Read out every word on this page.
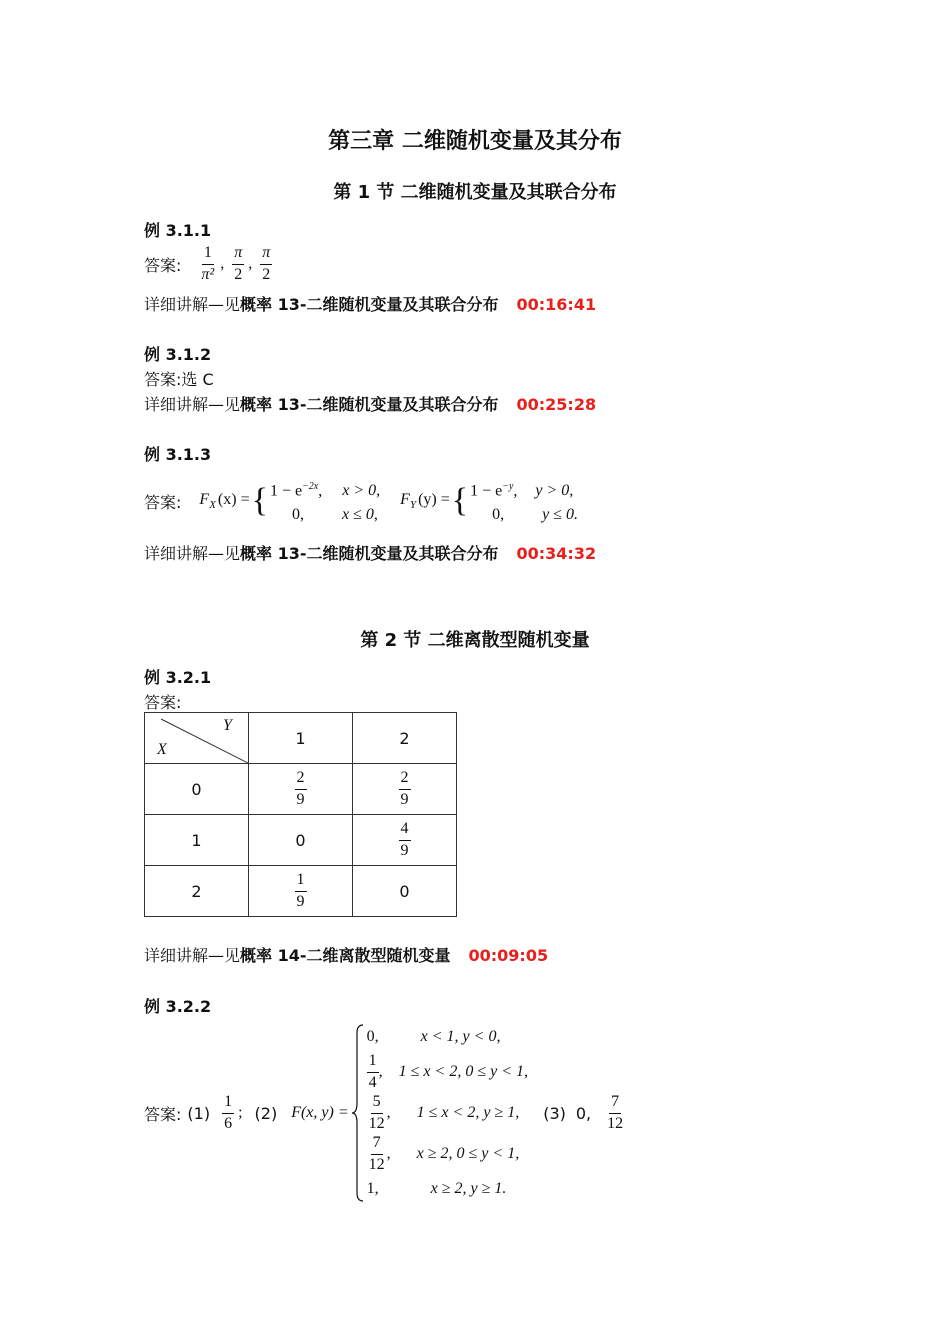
第三章 二维随机变量及其分布
第 1 节 二维随机变量及其联合分布
例 3.1.1
答案: $\frac{1}{\text{π²}}$ , $\frac{\pi}{2}$ , $\frac{\pi}{2}$
详细讲解—见概率 13-二维随机变量及其联合分布 00:16:41
例 3.1.2
答案:选 C
详细讲解—见概率 13-二维随机变量及其联合分布 00:25:28
例 3.1.3
答案: $F_X$ (x) = { $1 - e^{-2x}$, x > 0,
0, x ≤ 0,
$F_Y$ (y) = { $1 - e^{-y}$, y > 0,
0, y ≤ 0.
详细讲解—见概率 13-二维随机变量及其联合分布 00:34:32
第 2 节 二维离散型随机变量
例 3.2.1
答案:
Y
X	1	2
0	$\frac{2}{9}$	$\frac{2}{9}$

1	0	$\frac{4}{9}$

2	$\frac{1}{9}$	0
详细讲解—见概率 14-二维离散型随机变量 00:09:05
例 3.2.2
答案: $(1) \frac{1}{6}$ ; (2) F(x, y) =
0,	x < 1, y < 0,
$\frac{1}{4}$ , 1 ≤ x < 2, 0 ≤ y < 1,
$\frac{5}{12}$ , 1 ≤ x < 2, y ≥ 1, (3) 0, $\frac{7}{12}$
$\frac{7}{12}$ , x ≥ 2, 0 ≤ y < 1,
1,	x ≥ 2, y ≥ 1.
